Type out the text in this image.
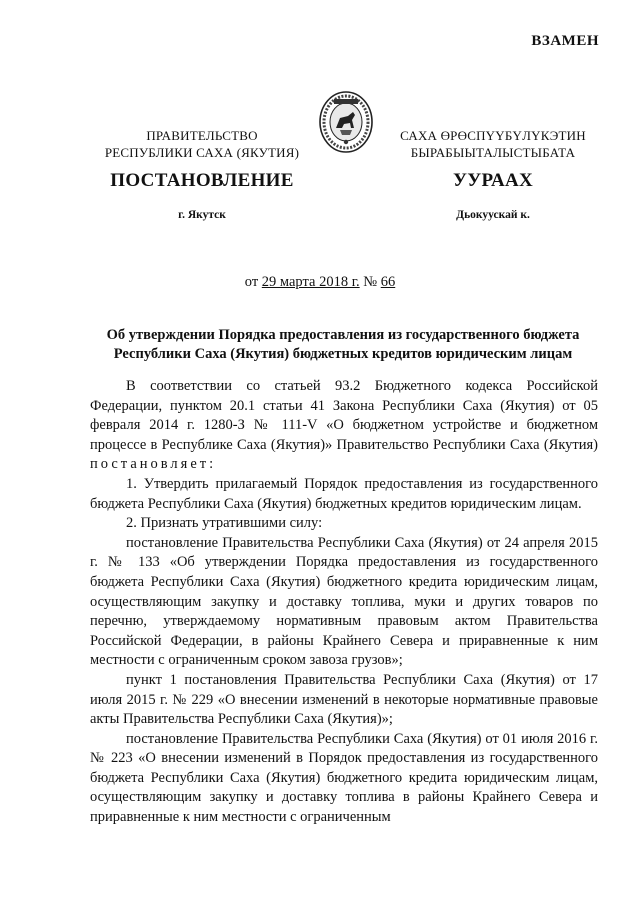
ВЗАМЕН
ПРАВИТЕЛЬСТВО
РЕСПУБЛИКИ САХА (ЯКУТИЯ)
САХА ӨРӨСПҮҮБҮЛҮКЭТИН
БЫРАБЫЫТАЛЫСТЫБАТА
ПОСТАНОВЛЕНИЕ	УУРААХ
г. Якутск	Дьокуускай к.
от 29 марта 2018 г. № 66
Об утверждении Порядка предоставления из государственного бюджета
Республики Саха (Якутия) бюджетных кредитов юридическим лицам

В соответствии со статьей 93.2 Бюджетного кодекса Российской Федерации, пунктом 20.1 статьи 41 Закона Республики Саха (Якутия) от 05 февраля 2014 г. 1280-З № 111-V «О бюджетном устройстве и бюджетном процессе в Республике Саха (Якутия)» Правительство Республики Саха (Якутия) постановляет:

1. Утвердить прилагаемый Порядок предоставления из государственного бюджета Республики Саха (Якутия) бюджетных кредитов юридическим лицам.

2. Признать утратившими силу:

постановление Правительства Республики Саха (Якутия) от 24 апреля 2015 г. № 133 «Об утверждении Порядка предоставления из государственного бюджета Республики Саха (Якутия) бюджетного кредита юридическим лицам, осуществляющим закупку и доставку топлива, муки и других товаров по перечню, утверждаемому нормативным правовым актом Правительства Российской Федерации, в районы Крайнего Севера и приравненные к ним местности с ограниченным сроком завоза грузов»;

пункт 1 постановления Правительства Республики Саха (Якутия) от 17 июля 2015 г. № 229 «О внесении изменений в некоторые нормативные правовые акты Правительства Республики Саха (Якутия)»;

постановление Правительства Республики Саха (Якутия) от 01 июля 2016 г. № 223 «О внесении изменений в Порядок предоставления из государственного бюджета Республики Саха (Якутия) бюджетного кредита юридическим лицам, осуществляющим закупку и доставку топлива в районы Крайнего Севера и приравненные к ним местности с ограниченным
